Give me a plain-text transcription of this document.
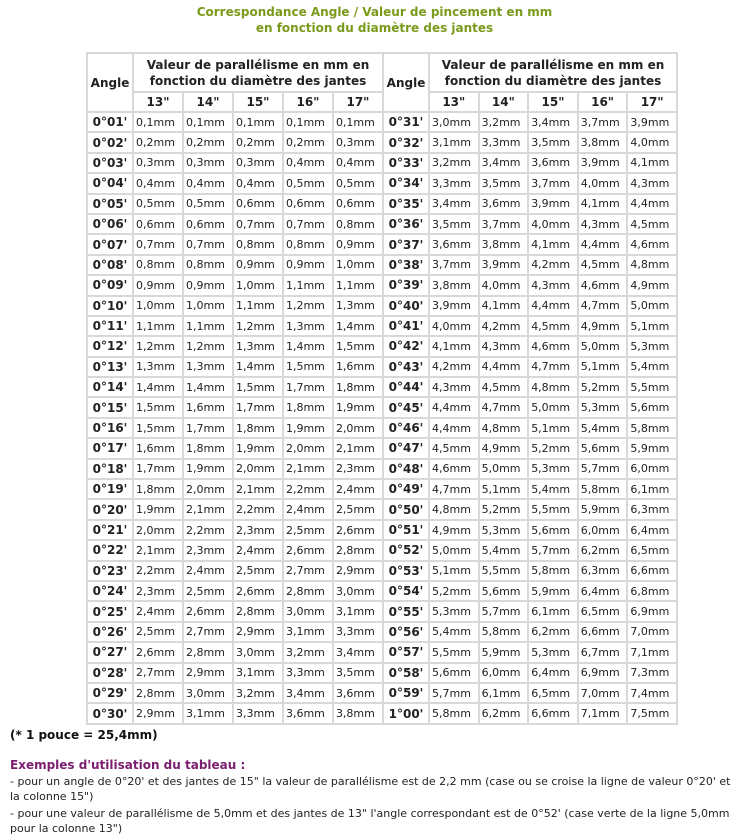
Correspondance Angle / Valeur de pincement en mm
en fonction du diamètre des jantes
Angle	Valeur de parallélisme en mm en fonction du diamètre des jantes				
	13"	14"	15"	16"	17"
0°01'	0,1mm	0,1mm	0,1mm	0,1mm	0,1mm
0°02'	0,2mm	0,2mm	0,2mm	0,2mm	0,3mm
0°03'	0,3mm	0,3mm	0,3mm	0,4mm	0,4mm
0°04'	0,4mm	0,4mm	0,4mm	0,5mm	0,5mm
0°05'	0,5mm	0,5mm	0,6mm	0,6mm	0,6mm
0°06'	0,6mm	0,6mm	0,7mm	0,7mm	0,8mm
0°07'	0,7mm	0,7mm	0,8mm	0,8mm	0,9mm
0°08'	0,8mm	0,8mm	0,9mm	0,9mm	1,0mm
0°09'	0,9mm	0,9mm	1,0mm	1,1mm	1,1mm
0°10'	1,0mm	1,0mm	1,1mm	1,2mm	1,3mm
0°11'	1,1mm	1,1mm	1,2mm	1,3mm	1,4mm
0°12'	1,2mm	1,2mm	1,3mm	1,4mm	1,5mm
0°13'	1,3mm	1,3mm	1,4mm	1,5mm	1,6mm
0°14'	1,4mm	1,4mm	1,5mm	1,7mm	1,8mm
0°15'	1,5mm	1,6mm	1,7mm	1,8mm	1,9mm
0°16'	1,5mm	1,7mm	1,8mm	1,9mm	2,0mm
0°17'	1,6mm	1,8mm	1,9mm	2,0mm	2,1mm
0°18'	1,7mm	1,9mm	2,0mm	2,1mm	2,3mm
0°19'	1,8mm	2,0mm	2,1mm	2,2mm	2,4mm
0°20'	1,9mm	2,1mm	2,2mm	2,4mm	2,5mm
0°21'	2,0mm	2,2mm	2,3mm	2,5mm	2,6mm
0°22'	2,1mm	2,3mm	2,4mm	2,6mm	2,8mm
0°23'	2,2mm	2,4mm	2,5mm	2,7mm	2,9mm
0°24'	2,3mm	2,5mm	2,6mm	2,8mm	3,0mm
0°25'	2,4mm	2,6mm	2,8mm	3,0mm	3,1mm
0°26'	2,5mm	2,7mm	2,9mm	3,1mm	3,3mm
0°27'	2,6mm	2,8mm	3,0mm	3,2mm	3,4mm
0°28'	2,7mm	2,9mm	3,1mm	3,3mm	3,5mm
0°29'	2,8mm	3,0mm	3,2mm	3,4mm	3,6mm
0°30'	2,9mm	3,1mm	3,3mm	3,6mm	3,8mm
Angle	Valeur de parallélisme en mm en fonction du diamètre des jantes				
	13"	14"	15"	16"	17"
0°31'	3,0mm	3,2mm	3,4mm	3,7mm	3,9mm
0°32'	3,1mm	3,3mm	3,5mm	3,8mm	4,0mm
0°33'	3,2mm	3,4mm	3,6mm	3,9mm	4,1mm
0°34'	3,3mm	3,5mm	3,7mm	4,0mm	4,3mm
0°35'	3,4mm	3,6mm	3,9mm	4,1mm	4,4mm
0°36'	3,5mm	3,7mm	4,0mm	4,3mm	4,5mm
0°37'	3,6mm	3,8mm	4,1mm	4,4mm	4,6mm
0°38'	3,7mm	3,9mm	4,2mm	4,5mm	4,8mm
0°39'	3,8mm	4,0mm	4,3mm	4,6mm	4,9mm
0°40'	3,9mm	4,1mm	4,4mm	4,7mm	5,0mm
0°41'	4,0mm	4,2mm	4,5mm	4,9mm	5,1mm
0°42'	4,1mm	4,3mm	4,6mm	5,0mm	5,3mm
0°43'	4,2mm	4,4mm	4,7mm	5,1mm	5,4mm
0°44'	4,3mm	4,5mm	4,8mm	5,2mm	5,5mm
0°45'	4,4mm	4,7mm	5,0mm	5,3mm	5,6mm
0°46'	4,4mm	4,8mm	5,1mm	5,4mm	5,8mm
0°47'	4,5mm	4,9mm	5,2mm	5,6mm	5,9mm
0°48'	4,6mm	5,0mm	5,3mm	5,7mm	6,0mm
0°49'	4,7mm	5,1mm	5,4mm	5,8mm	6,1mm
0°50'	4,8mm	5,2mm	5,5mm	5,9mm	6,3mm
0°51'	4,9mm	5,3mm	5,6mm	6,0mm	6,4mm
0°52'	5,0mm	5,4mm	5,7mm	6,2mm	6,5mm
0°53'	5,1mm	5,5mm	5,8mm	6,3mm	6,6mm
0°54'	5,2mm	5,6mm	5,9mm	6,4mm	6,8mm
0°55'	5,3mm	5,7mm	6,1mm	6,5mm	6,9mm
0°56'	5,4mm	5,8mm	6,2mm	6,6mm	7,0mm
0°57'	5,5mm	5,9mm	5,3mm	6,7mm	7,1mm
0°58'	5,6mm	6,0mm	6,4mm	6,9mm	7,3mm
0°59'	5,7mm	6,1mm	6,5mm	7,0mm	7,4mm
1°00'	5,8mm	6,2mm	6,6mm	7,1mm	7,5mm
(* 1 pouce = 25,4mm)
Exemples d'utilisation du tableau :
- pour un angle de 0°20' et des jantes de 15" la valeur de parallélisme est de 2,2 mm (case ou se croise la ligne de valeur 0°20' et la colonne 15")
- pour une valeur de parallélisme de 5,0mm et des jantes de 13" l'angle correspondant est de 0°52' (case verte de la ligne 5,0mm pour la colonne 13")
